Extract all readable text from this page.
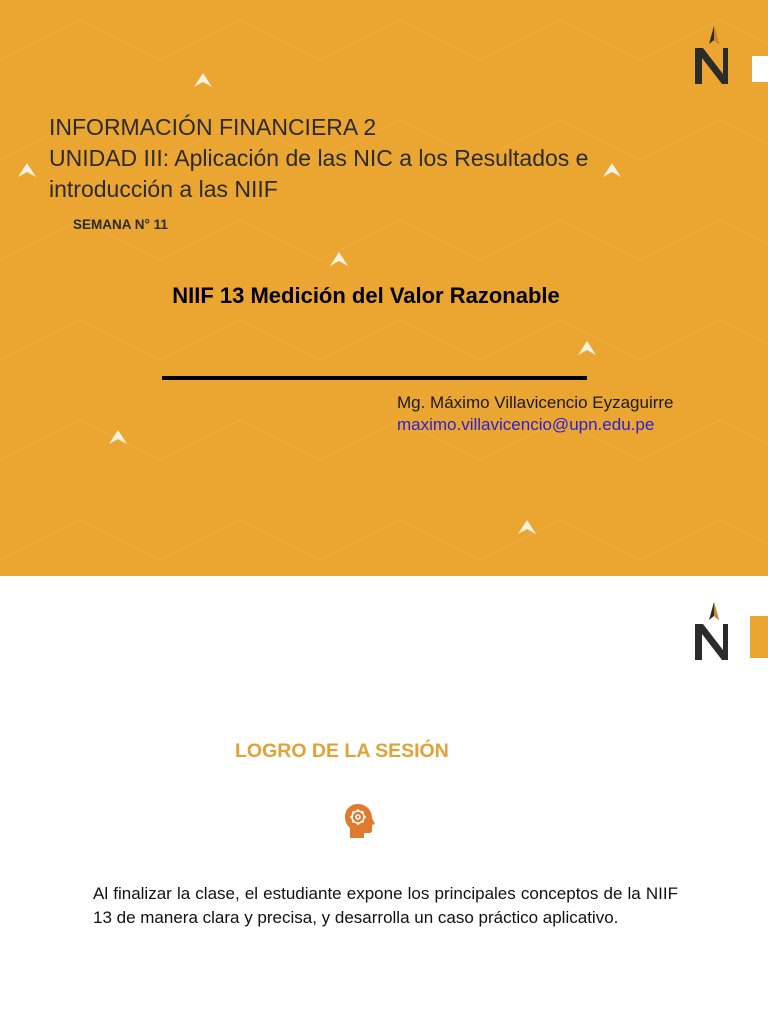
INFORMACIÓN FINANCIERA 2
UNIDAD III: Aplicación de las NIC a los Resultados e
introducción a las NIIF
SEMANA N° 11
NIIF 13 Medición del Valor Razonable
Mg. Máximo Villavicencio Eyzaguirre
maximo.villavicencio@upn.edu.pe
LOGRO DE LA SESIÓN
Al finalizar la clase, el estudiante expone los principales conceptos de la NIIF 13 de manera clara y precisa, y desarrolla un caso práctico aplicativo.
